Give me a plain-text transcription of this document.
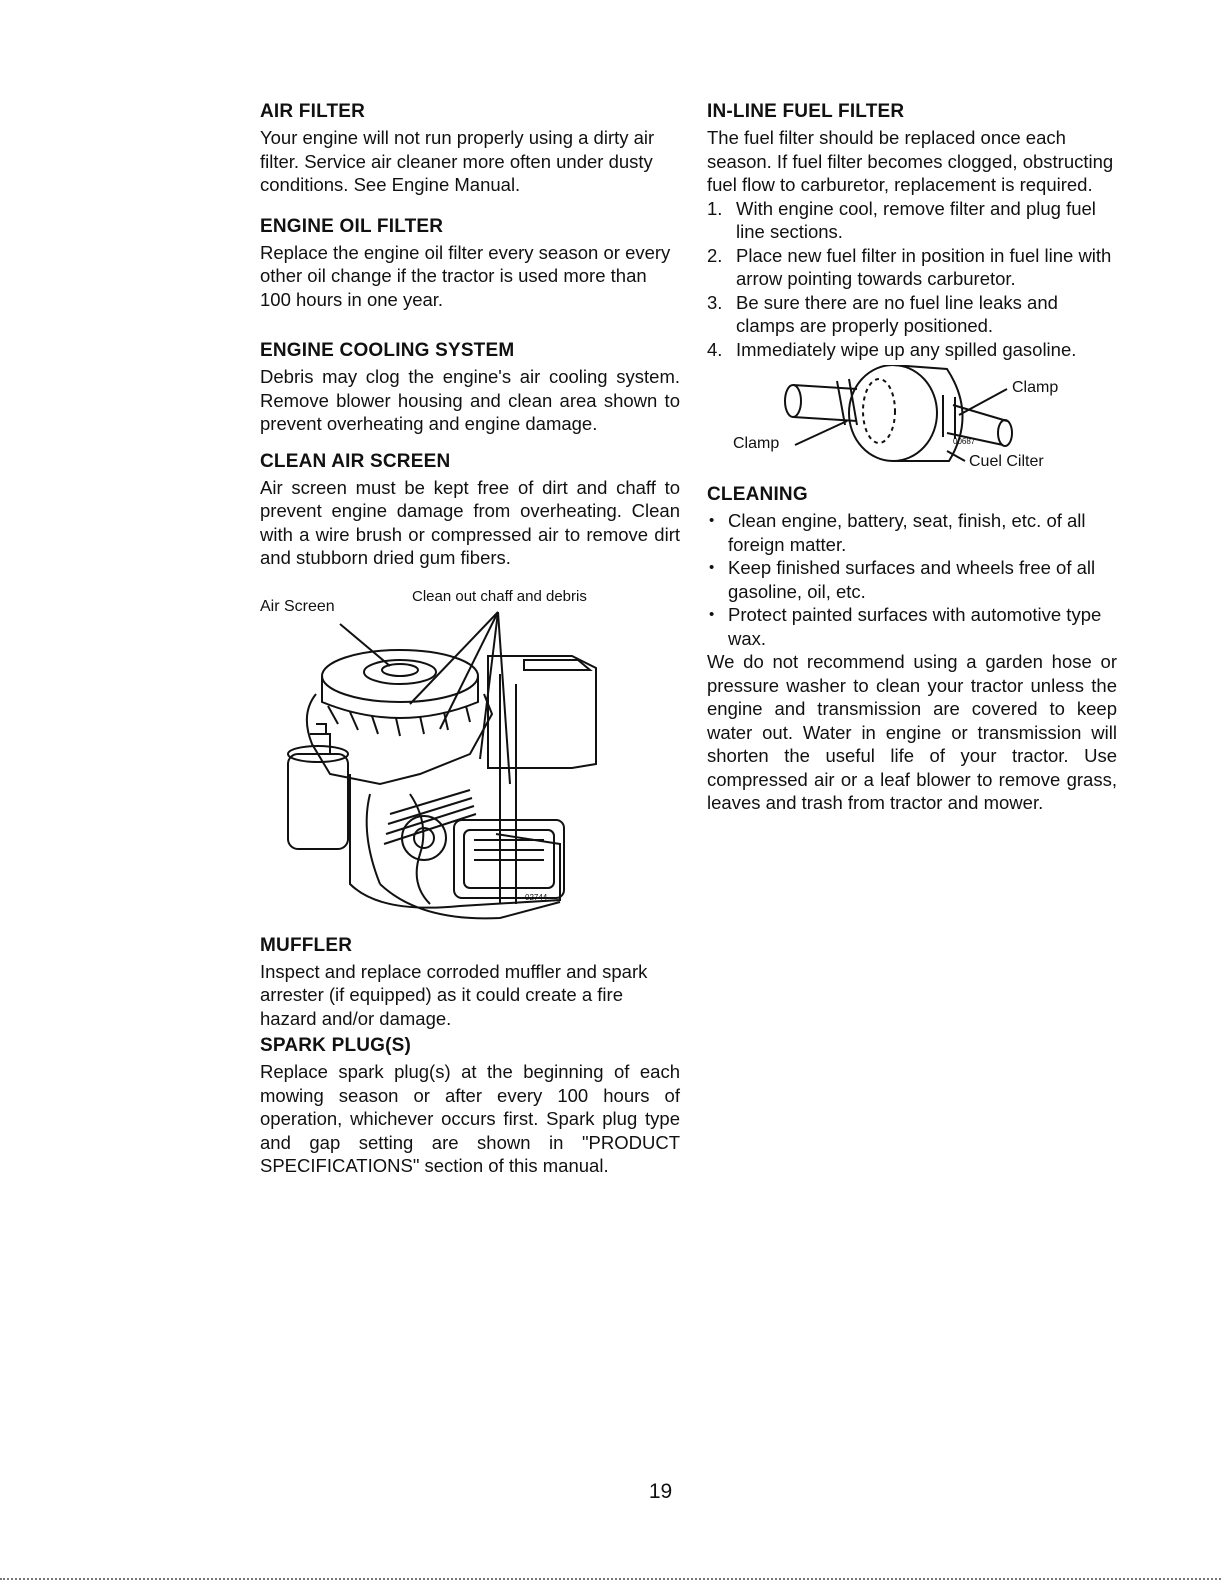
AIR FILTER

Your engine will not run properly using a dirty air filter. Service air cleaner more often under dusty conditions. See Engine Manual.

ENGINE OIL FILTER

Replace the engine oil filter every season or every other oil change if the tractor is used more than 100 hours in one year.

ENGINE COOLING SYSTEM

Debris may clog the engine's air cooling system. Remove blower housing and clean area shown to prevent overheating and engine damage.

CLEAN AIR SCREEN

Air screen must be kept free of dirt and chaff to prevent engine damage from overheating. Clean with a wire brush or compressed air to remove dirt and stubborn dried gum fibers.

Air Screen
Clean out chaff and debris
02744
MUFFLER

Inspect and replace corroded muffler and spark arrester (if equipped) as it could create a fire hazard and/or damage.

SPARK PLUG(S)

Replace spark plug(s) at the beginning of each mowing season or after every 100 hours of operation, whichever occurs first. Spark plug type and gap setting are shown in "PRODUCT SPECIFICATIONS" section of this manual.

IN-LINE FUEL FILTER

The fuel filter should be replaced once each season. If fuel filter becomes clogged, obstructing fuel flow to carburetor, replacement is required.

1. With engine cool, remove filter and plug fuel line sections.
2. Place new fuel filter in position in fuel line with arrow pointing towards carburetor.
3. Be sure there are no fuel line leaks and clamps are properly positioned.
4. Immediately wipe up any spilled gasoline.
Clamp
Clamp
Cuel Cilter
00687
CLEANING
• Clean engine, battery, seat, finish, etc. of all foreign matter.
• Keep finished surfaces and wheels free of all gasoline, oil, etc.
• Protect painted surfaces with automotive type wax.

We do not recommend using a garden hose or pressure washer to clean your tractor unless the engine and transmission are covered to keep water out. Water in engine or transmission will shorten the useful life of your tractor. Use compressed air or a leaf blower to remove grass, leaves and trash from tractor and mower.

19
